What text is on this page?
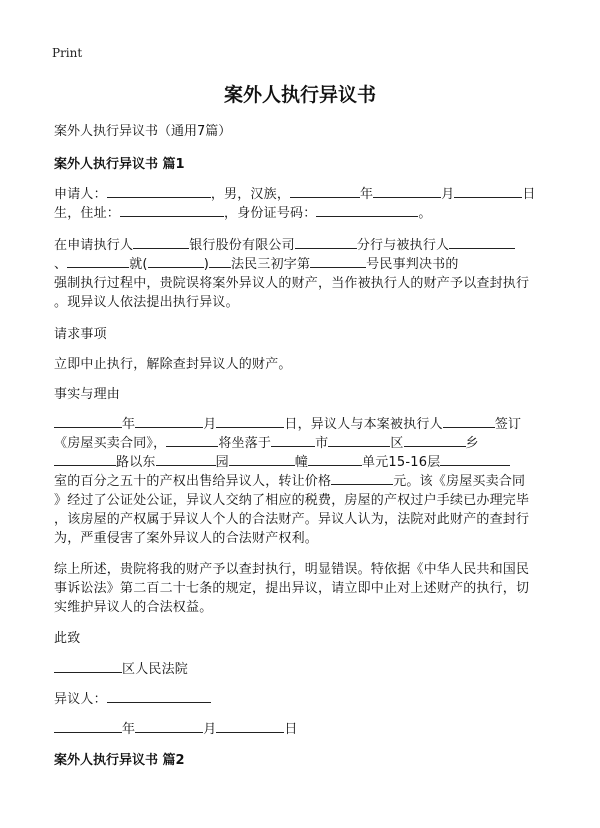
Print
案外人执行异议书
案外人执行异议书（通用7篇）
案外人执行异议书 篇1
申请人：	，男，汉族，	年	月	日
生，住址：	，身份证号码：	。
在申请执行人	银行股份有限公司	分行与被执行人
、	就(	) 法民三初字第	号民事判决书的
强制执行过程中，贵院误将案外异议人的财产，当作被执行人的财产予以查封执行
。现异议人依法提出执行异议。
请求事项
立即中止执行，解除查封异议人的财产。
事实与理由
年	月	日，异议人与本案被执行人	签订
《房屋买卖合同》，	将坐落于	市	区	乡
路以东	园	幢	单元15-16层
室的百分之五十的产权出售给异议人，转让价格	元。该《房屋买卖合同
》经过了公证处公证，异议人交纳了相应的税费，房屋的产权过户手续已办理完毕
，该房屋的产权属于异议人个人的合法财产。异议人认为，法院对此财产的查封行
为，严重侵害了案外异议人的合法财产权利。
综上所述，贵院将我的财产予以查封执行，明显错误。特依据《中华人民共和国民
事诉讼法》第二百二十七条的规定，提出异议，请立即中止对上述财产的执行，切
实维护异议人的合法权益。
此致
区人民法院
异议人：
年	月	日
案外人执行异议书 篇2
